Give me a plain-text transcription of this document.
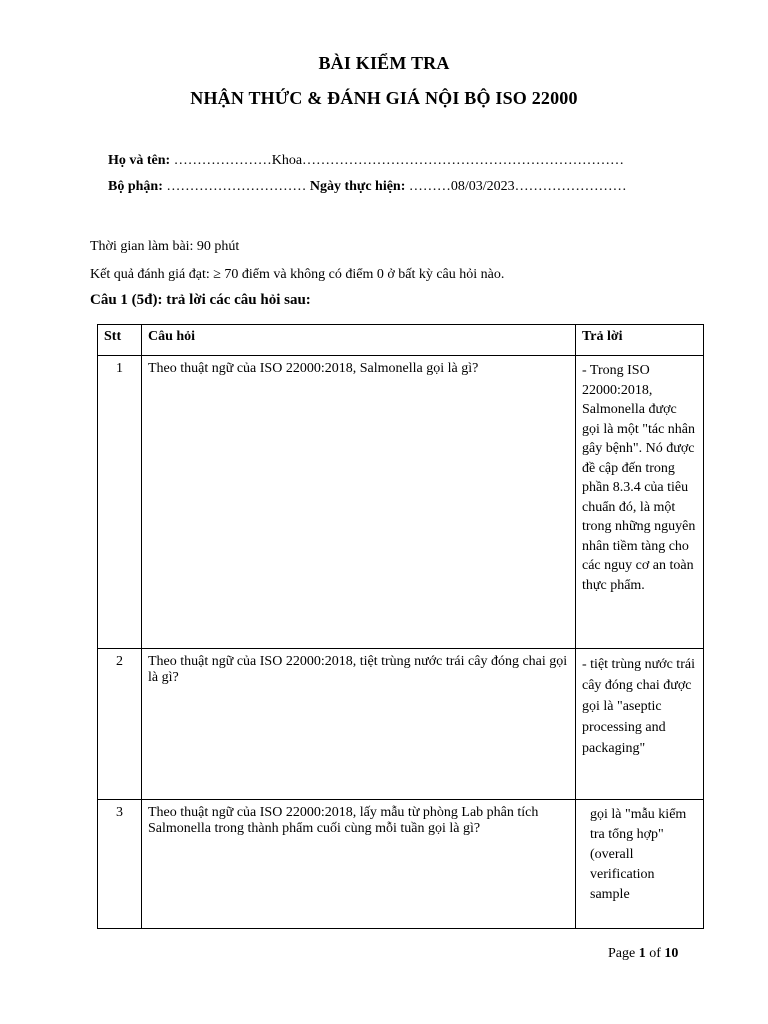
BÀI KIỂM TRA
NHẬN THỨC & ĐÁNH GIÁ NỘI BỘ ISO 22000
Họ và tên: …………………Khoa……………………………………………………………
Bộ phận: ………………………… Ngày thực hiện: ………08/03/2023……………………
Thời gian làm bài: 90 phút
Kết quả đánh giá đạt: ≥ 70 điểm và không có điểm 0 ở bất kỳ câu hỏi nào.
Câu 1 (5đ): trả lời các câu hỏi sau:
Stt	Câu hỏi	Trả lời
1	Theo thuật ngữ của ISO 22000:2018, Salmonella gọi là gì?	- Trong ISO 22000:2018, Salmonella được gọi là một "tác nhân gây bệnh". Nó được đề cập đến trong phần 8.3.4 của tiêu chuẩn đó, là một trong những nguyên nhân tiềm tàng cho các nguy cơ an toàn thực phẩm.
2	Theo thuật ngữ của ISO 22000:2018, tiệt trùng nước trái cây đóng chai gọi là gì?	- tiệt trùng nước trái cây đóng chai được gọi là "aseptic processing and packaging"
3	Theo thuật ngữ của ISO 22000:2018, lấy mẫu từ phòng Lab phân tích Salmonella trong thành phẩm cuối cùng mỗi tuần gọi là gì?	gọi là "mẫu kiểm tra tổng hợp" (overall verification sample
Page 1 of 10
